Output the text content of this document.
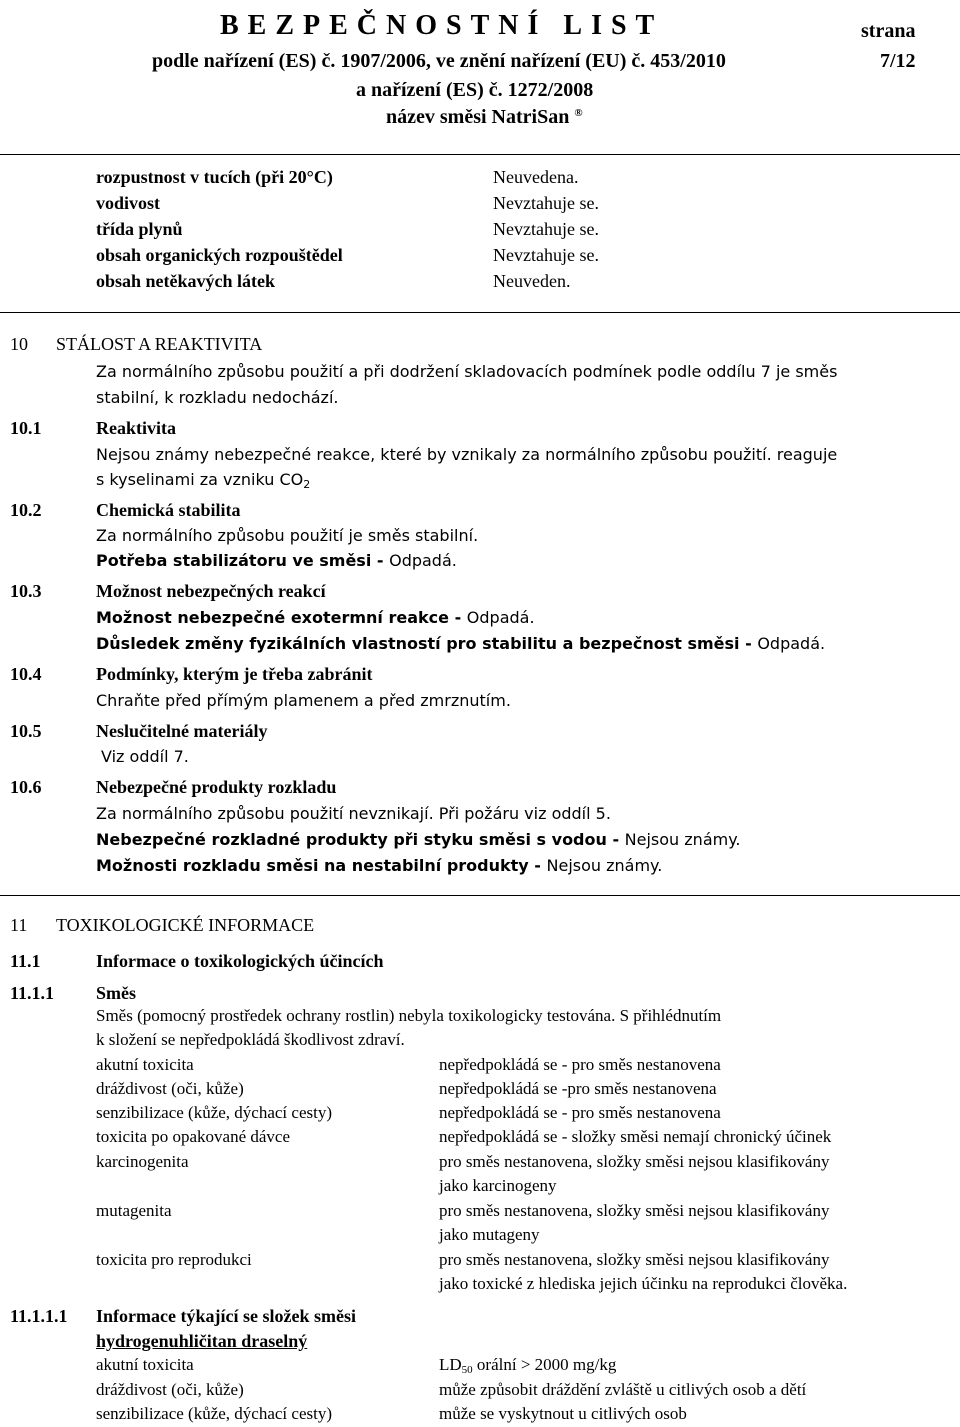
BEZPEČNOSTNÍ LIST	strana
podle nařízení (ES) č. 1907/2006, ve znění nařízení (EU) č. 453/2010	7/12
a nařízení (ES) č. 1272/2008
název směsi NatriSan ®
rozpustnost v tucích (při 20°C)	Neuvedena.
vodivost	Nevztahuje se.
třída plynů	Nevztahuje se.
obsah organických rozpouštědel	Nevztahuje se.
obsah netěkavých látek	Neuveden.
10 STÁLOST A REAKTIVITA
Za normálního způsobu použití a při dodržení skladovacích podmínek podle oddílu 7 je směs
stabilní, k rozkladu nedochází.
10.1	Reaktivita
Nejsou známy nebezpečné reakce, které by vznikaly za normálního způsobu použití. reaguje
s kyselinami za vzniku $CO_2$
10.2	Chemická stabilita
Za normálního způsobu použití je směs stabilní.
Potřeba stabilizátoru ve směsi - Odpadá.
10.3	Možnost nebezpečných reakcí
Možnost nebezpečné exotermní reakce - Odpadá.
Důsledek změny fyzikálních vlastností pro stabilitu a bezpečnost směsi - Odpadá.
10.4	Podmínky, kterým je třeba zabránit
Chraňte před přímým plamenem a před zmrznutím.
10.5	Neslučitelné materiály
Viz oddíl 7.
10.6	Nebezpečné produkty rozkladu
Za normálního způsobu použití nevznikají. Při požáru viz oddíl 5.
Nebezpečné rozkladné produkty při styku směsi s vodou - Nejsou známy.
Možnosti rozkladu směsi na nestabilní produkty - Nejsou známy.
11 TOXIKOLOGICKÉ INFORMACE
11.1	Informace o toxikologických účincích
11.1.1 Směs
Směs (pomocný prostředek ochrany rostlin) nebyla toxikologicky testována. S přihlédnutím
k složení se nepředpokládá škodlivost zdraví.
akutní toxicita	nepředpokládá se - pro směs nestanovena
dráždivost (oči, kůže)	nepředpokládá se -pro směs nestanovena
senzibilizace (kůže, dýchací cesty)	nepředpokládá se - pro směs nestanovena
toxicita po opakované dávce	nepředpokládá se - složky směsi nemají chronický účinek
karcinogenita	pro směs nestanovena, složky směsi nejsou klasifikovány
jako karcinogeny
mutagenita	pro směs nestanovena, složky směsi nejsou klasifikovány
jako mutageny
toxicita pro reprodukci	pro směs nestanovena, složky směsi nejsou klasifikovány
jako toxické z hlediska jejich účinku na reprodukci člověka.
11.1.1.1 Informace týkající se složek směsi
hydrogenuhličitan draselný
akutní toxicita	$LD_{50}$ orální > 2000 mg/kg
dráždivost (oči, kůže)	může způsobit dráždění zvláště u citlivých osob a dětí
senzibilizace (kůže, dýchací cesty)	může se vyskytnout u citlivých osob
